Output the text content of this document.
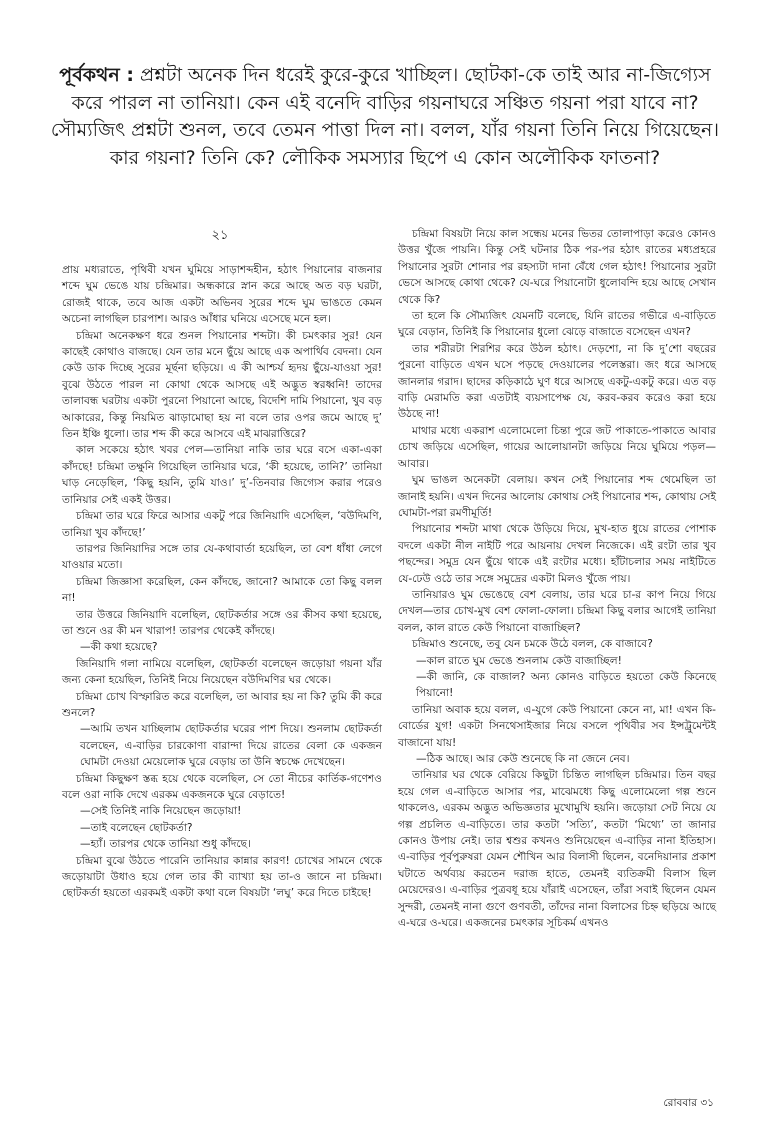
পূর্বকথন : প্রশ্নটা অনেক দিন ধরেই কুরে-কুরে খাচ্ছিল। ছোটকা-কে তাই আর না-জিগ্যেস করে পারল না তানিয়া। কেন এই বনেদি বাড়ির গয়নাঘরে সঞ্চিত গয়না পরা যাবে না? সৌম্যজিৎ প্রশ্নটা শুনল, তবে তেমন পাত্তা দিল না। বলল, যাঁর গয়না তিনি নিয়ে গিয়েছেন। কার গয়না? তিনি কে? লৌকিক সমস্যার ছিপে এ কোন অলৌকিক ফাতনা?
২১

প্রায় মধ্যরাতে, পৃথিবী যখন ঘুমিয়ে সাড়াশব্দহীন, হঠাৎ পিয়ানোর বাজনার শব্দে ঘুম ভেঙে যায় চন্দ্রিমার। অন্ধকারে স্নান করে আছে অত বড় ঘরটা, রোজই থাকে, তবে আজ একটা অভিনব সুরের শব্দে ঘুম ভাঙতে কেমন অচেনা লাগছিল চারপাশ। আরও আঁধার ঘনিয়ে এসেছে মনে হল।

চন্দ্রিমা অনেকক্ষণ ধরে শুনল পিয়ানোর শব্দটা। কী চমৎকার সুর! যেন কাছেই কোথাও বাজছে। যেন তার মনে ছুঁয়ে আছে এক অপার্থিব বেদনা। যেন কেউ ডাক দিচ্ছে সুরের মূর্ছনা ছড়িয়ে। এ কী আশ্চর্য হৃদয় ছুঁয়ে-যাওয়া সুর! বুঝে উঠতে পারল না কোথা থেকে আসছে এই অদ্ভুত স্বরধ্বনি! তাদের তালাবন্ধ ঘরটায় একটা পুরনো পিয়ানো আছে, বিদেশি দামি পিয়ানো, খুব বড় আকারের, কিন্তু নিয়মিত ঝাড়ামোছা হয় না বলে তার ওপর জমে আছে দু’ তিন ইঞ্চি ধুলো। তার শব্দ কী করে আসবে এই মাঝরাত্তিরে?

কাল সকেয়ে হঠাৎ খবর পেল—তানিয়া নাকি তার ঘরে বসে একা-একা কাঁদছে! চন্দ্রিমা তক্ষুনি গিয়েছিল তানিয়ার ঘরে, ‘কী হয়েছে, তানি?’ তানিয়া ঘাড় নেড়েছিল, ‘কিছু হয়নি, তুমি যাও।’ দু’-তিনবার জিগ্যেস করার পরেও তানিয়ার সেই একই উত্তর।

চন্দ্রিমা তার ঘরে ফিরে আসার একটু পরে জিনিয়াদি এসেছিল, ‘বউদিমণি, তানিয়া খুব কাঁদছে!’

তারপর জিনিয়াদির সঙ্গে তার যে-কথাবার্তা হয়েছিল, তা বেশ ধাঁধা লেগে যাওয়ার মতো।

চন্দ্রিমা জিজ্ঞাসা করেছিল, কেন কাঁদছে, জানো? আমাকে তো কিছু বলল না!

তার উত্তরে জিনিয়াদি বলেছিল, ছোটকর্তার সঙ্গে ওর কীসব কথা হয়েছে, তা শুনে ওর কী মন খারাপ! তারপর থেকেই কাঁদছে।

—কী কথা হয়েছে?

জিনিয়াদি গলা নামিয়ে বলেছিল, ছোটকর্তা বলেছেন জড়োয়া গয়না যাঁর জন্য কেনা হয়েছিল, তিনিই নিয়ে নিয়েছেন বউদিমণির ঘর থেকে।

চন্দ্রিমা চোখ বিস্ফারিত করে বলেছিল, তা আবার হয় না কি? তুমি কী করে শুনলে?

—আমি তখন যাচ্ছিলাম ছোটকর্তার ঘরের পাশ দিয়ে। শুনলাম ছোটকর্তা বলেছেন, এ-বাড়ির চারকোণা বারান্দা দিয়ে রাতের বেলা কে একজন ঘোমটা দেওয়া মেয়েলোক ঘুরে বেড়ায় তা উনি স্বচক্ষে দেখেছেন।

চন্দ্রিমা কিছুক্ষণ স্তব্ধ হয়ে থেকে বলেছিল, সে তো নীচের কার্তিক-গণেশও বলে ওরা নাকি দেখে এরকম একজনকে ঘুরে বেড়াতে!

—সেই তিনিই নাকি নিয়েছেন জড়োয়া!

—তাই বলেছেন ছোটকর্তা?

—হ্যাঁ। তারপর থেকে তানিয়া শুধু কাঁদছে।

চন্দ্রিমা বুঝে উঠতে পারেনি তানিয়ার কান্নার কারণ! চোখের সামনে থেকে জড়োয়াটা উধাও হয়ে গেল তার কী ব্যাখ্যা হয় তা-ও জানে না চন্দ্রিমা। ছোটকর্তা হয়তো এরকমই একটা কথা বলে বিষয়টা ‘লঘু’ করে দিতে চাইছে!

চন্দ্রিমা বিষয়টা নিয়ে কাল সন্ধেয় মনের ভিতর তোলাপাড়া করেও কোনও উত্তর খুঁজে পায়নি। কিন্তু সেই ঘটনার ঠিক পর-পর হঠাৎ রাতের মধ্যপ্রহরে পিয়ানোর সুরটা শোনার পর রহস্যটা দানা বেঁধে গেল হঠাৎ! পিয়ানোর সুরটা ভেসে আসছে কোথা থেকে? যে-ঘরে পিয়ানোটা ধুলোবন্দি হয়ে আছে সেখান থেকে কি?

তা হলে কি সৌম্যজিৎ যেমনটি বলেছে, যিনি রাতের গভীরে এ-বাড়িতে ঘুরে বেড়ান, তিনিই কি পিয়ানোর ধুলো ঝেড়ে বাজাতে বসেছেন এখন?

তার শরীরটা শিরশির করে উঠল হঠাৎ। দেড়শো, না কি দু’শো বছরের পুরনো বাড়িতে এখন ঘসে পড়ছে দেওয়ালের পলেস্তরা। জং ধরে আসছে জানলার গরাদ। ছাদের কড়িকাঠে ঘুণ ধরে আসছে একটু-একটু করে। এত বড় বাড়ি মেরামতি করা এতটাই ব্যয়সাপেক্ষ যে, করব-করব করেও করা হয়ে উঠছে না!

মাথার মধ্যে একরাশ এলোমেলো চিন্তা পুরে জট পাকাতে-পাকাতে আবার চোখ জড়িয়ে এসেছিল, গায়ের আলোয়ানটা জড়িয়ে নিয়ে ঘুমিয়ে পড়ল—আবার।

ঘুম ভাঙল অনেকটা বেলায়। কখন সেই পিয়ানোর শব্দ থেমেছিল তা জানাই হয়নি। এখন দিনের আলোয় কোথায় সেই পিয়ানোর শব্দ, কোথায় সেই ঘোমটা-পরা রমণীমূর্তি!

পিয়ানোর শব্দটা মাথা থেকে উড়িয়ে দিয়ে, মুখ-হাত ধুয়ে রাতের পোশাক বদলে একটা নীল নাইটি পরে আয়নায় দেখল নিজেকে। এই রংটা তার খুব পছন্দের। সমুদ্র যেন ছুঁয়ে থাকে এই রংটার মধ্যে। হাঁটাচলার সময় নাইটিতে যে-ঢেউ ওঠে তার সঙ্গে সমুদ্রের একটা মিলও খুঁজে পায়।

তানিয়ারও ঘুম ভেঙেছে বেশ বেলায়, তার ঘরে চা-র কাপ নিয়ে গিয়ে দেখল—তার চোখ-মুখ বেশ ফোলা-ফোলা। চন্দ্রিমা কিছু বলার আগেই তানিয়া বলল, কাল রাতে কেউ পিয়ানো বাজাচ্ছিল?

চন্দ্রিমাও শুনেছে, তবু যেন চমকে উঠে বলল, কে বাজাবে?

—কাল রাতে ঘুম ভেঙে শুনলাম কেউ বাজাচ্ছিল!

—কী জানি, কে বাজাল? অন্য কোনও বাড়িতে হয়তো কেউ কিনেছে পিয়ানো!

তানিয়া অবাক হয়ে বলল, এ-যুগে কেউ পিয়ানো কেনে না, মা! এখন কি-বোর্ডের যুগ! একটা সিনথেসাইজার নিয়ে বসলে পৃথিবীর সব ইন্সট্রুমেন্টই বাজানো যায়!

—ঠিক আছে। আর কেউ শুনেছে কি না জেনে নেব।

তানিয়ার ঘর থেকে বেরিয়ে কিছুটা চিন্তিত লাগছিল চন্দ্রিমার। তিন বছর হয়ে গেল এ-বাড়িতে আসার পর, মাঝেমধ্যে কিছু এলোমেলো গল্প শুনে থাকলেও, এরকম অদ্ভুত অভিজ্ঞতার মুখোমুখি হয়নি। জড়োয়া সেট নিয়ে যে গল্প প্রচলিত এ-বাড়িতে। তার কতটা ‘সত্যি’, কতটা ‘মিথ্যে’ তা জানার কোনও উপায় নেই। তার শ্বশুর কখনও শুনিয়েছেন এ-বাড়ির নানা ইতিহাস। এ-বাড়ির পূর্বপুরুষরা যেমন শৌখিন আর বিলাসী ছিলেন, বনেদিয়ানার প্রকাশ ঘটাতে অর্থব্যয় করতেন দরাজ হাতে, তেমনই ব্যতিক্রমী বিলাস ছিল মেয়েদেরও। এ-বাড়ির পুত্রবধূ হয়ে যাঁরাই এসেছেন, তাঁরা সবাই ছিলেন যেমন সুন্দরী, তেমনই নানা গুণে গুণবতী, তাঁদের নানা বিলাসের চিহ্ন ছড়িয়ে আছে এ-ঘরে ও-ঘরে। একজনের চমৎকার সূচিকর্ম এখনও

রোববার ৩১
